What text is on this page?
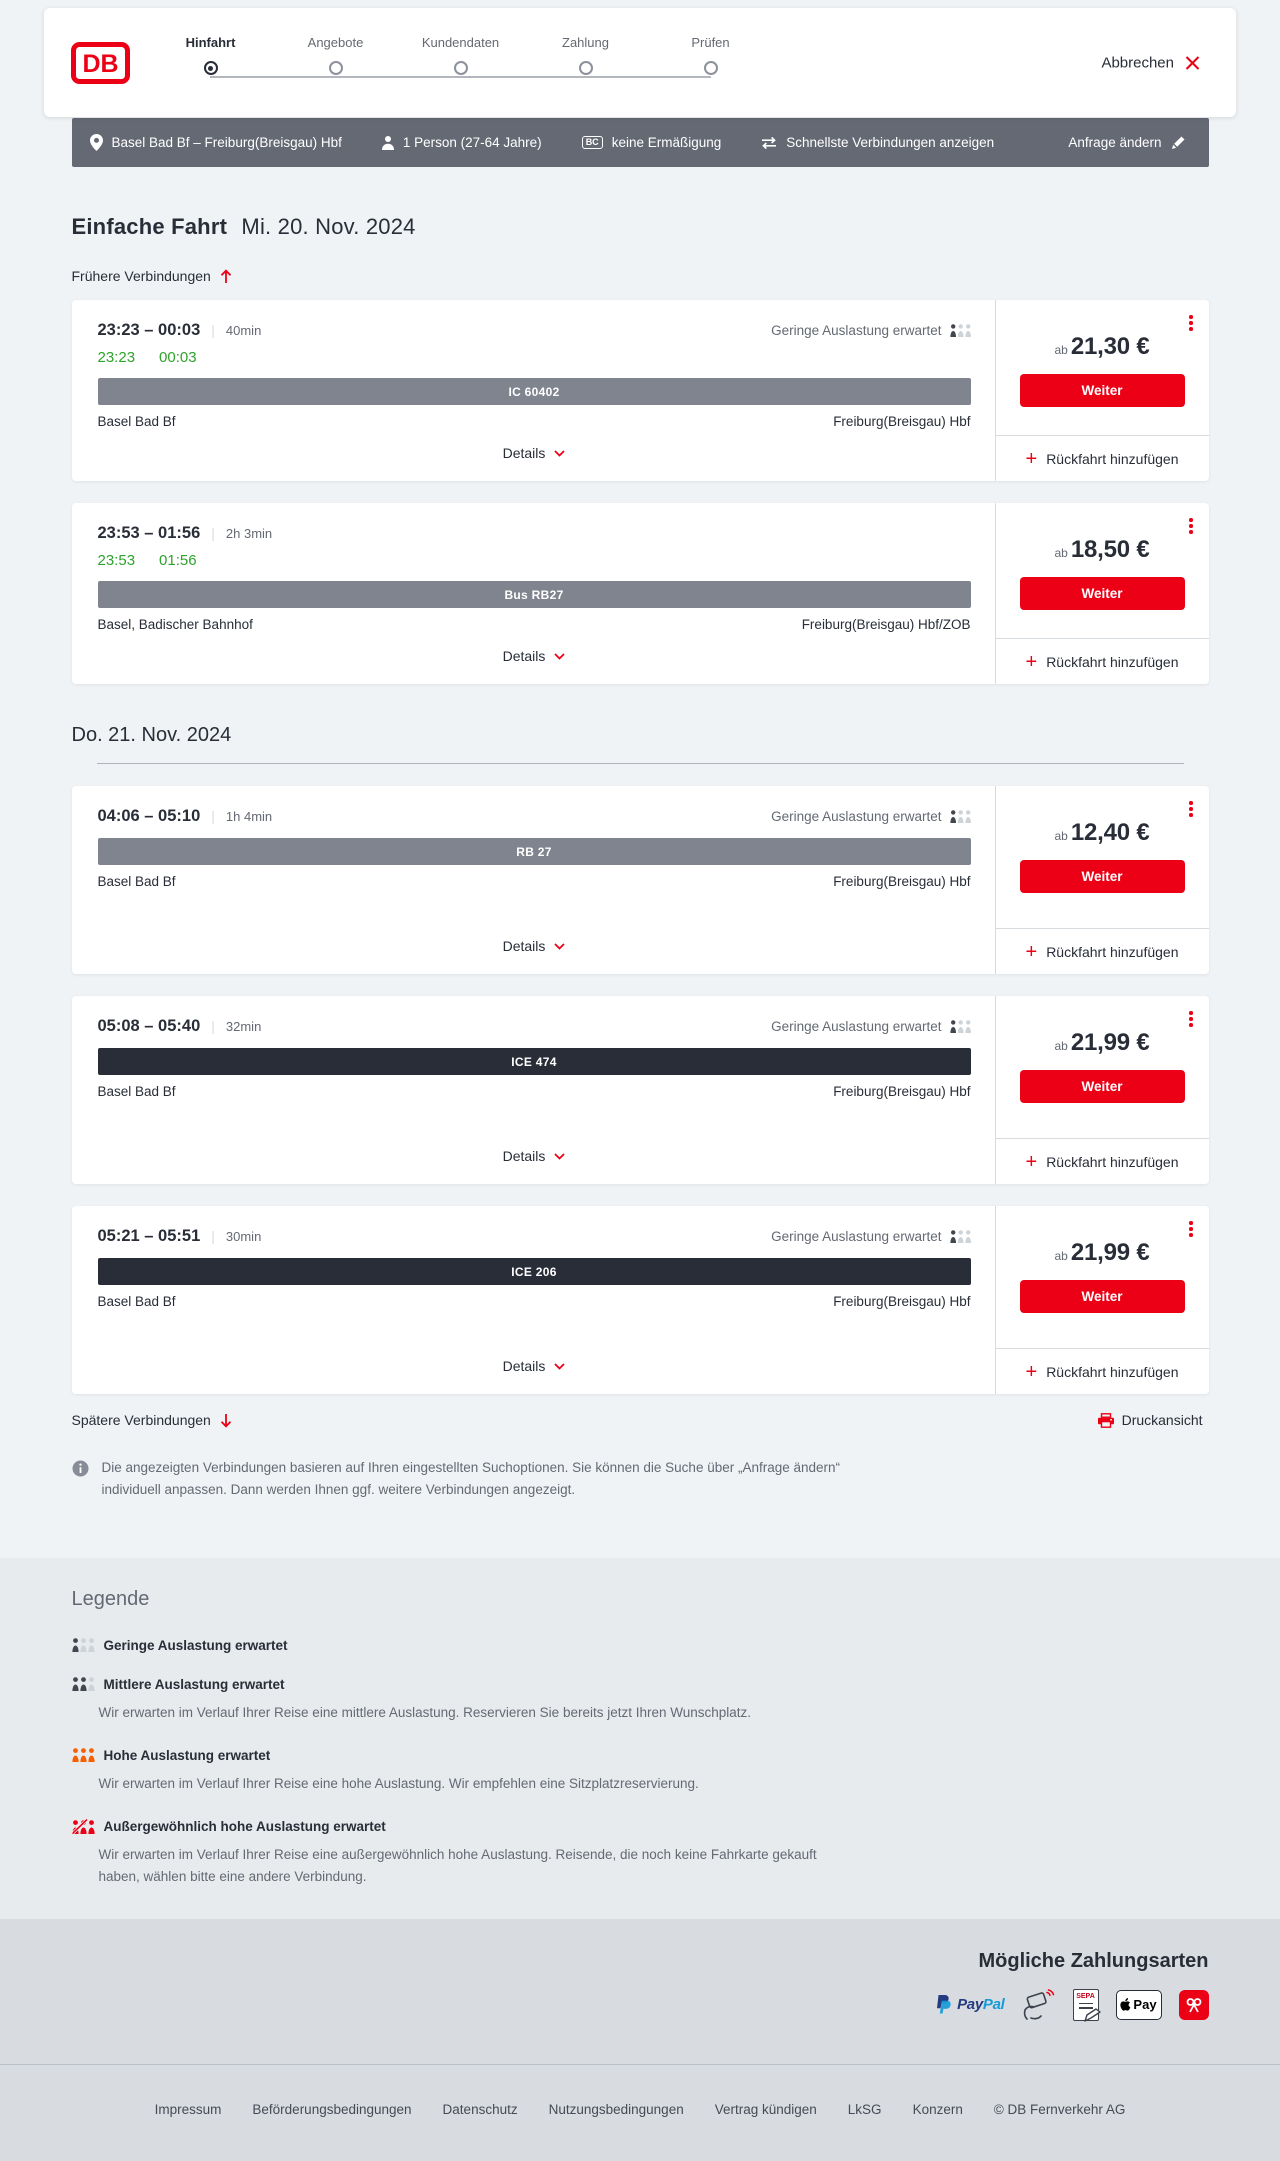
DB
Hinfahrt	Angebote	Kundendaten	Zahlung	Prüfen
Abbrechen
Basel Bad Bf – Freiburg(Breisgau) Hbf	1 Person (27-64 Jahre)	BC keine Ermäßigung	Schnellste Verbindungen anzeigen	Anfrage ändern
Einfache Fahrt Mi. 20. Nov. 2024
Frühere Verbindungen
23:23 – 00:03 | 40min	Geringe Auslastung erwartet
23:23 00:03
IC 60402
Basel Bad Bf	Freiburg(Breisgau) Hbf
Details
ab 21,30 €
Weiter
+ Rückfahrt hinzufügen
23:53 – 01:56 | 2h 3min
23:53 01:56
Bus RB27
Basel, Badischer Bahnhof	Freiburg(Breisgau) Hbf/ZOB
Details
ab 18,50 €
Weiter
+ Rückfahrt hinzufügen
Do. 21. Nov. 2024
04:06 – 05:10 | 1h 4min	Geringe Auslastung erwartet
RB 27
Basel Bad Bf	Freiburg(Breisgau) Hbf
Details
ab 12,40 €
Weiter
+ Rückfahrt hinzufügen
05:08 – 05:40 | 32min	Geringe Auslastung erwartet
ICE 474
Basel Bad Bf	Freiburg(Breisgau) Hbf
Details
ab 21,99 €
Weiter
+ Rückfahrt hinzufügen
05:21 – 05:51 | 30min	Geringe Auslastung erwartet
ICE 206
Basel Bad Bf	Freiburg(Breisgau) Hbf
Details
ab 21,99 €
Weiter
+ Rückfahrt hinzufügen
Spätere Verbindungen	Druckansicht

Die angezeigten Verbindungen basieren auf Ihren eingestellten Suchoptionen. Sie können die Suche über „Anfrage ändern“ individuell anpassen. Dann werden Ihnen ggf. weitere Verbindungen angezeigt.

Legende
Geringe Auslastung erwartet
Mittlere Auslastung erwartet

Wir erwarten im Verlauf Ihrer Reise eine mittlere Auslastung. Reservieren Sie bereits jetzt Ihren Wunschplatz.

Hohe Auslastung erwartet

Wir erwarten im Verlauf Ihrer Reise eine hohe Auslastung. Wir empfehlen eine Sitzplatzreservierung.

Außergewöhnlich hohe Auslastung erwartet

Wir erwarten im Verlauf Ihrer Reise eine außergewöhnlich hohe Auslastung. Reisende, die noch keine Fahrkarte gekauft haben, wählen bitte eine andere Verbindung.

Mögliche Zahlungsarten
PayPal	SEPA
Pay
Impressum Beförderungsbedingungen Datenschutz Nutzungsbedingungen Vertrag kündigen LkSG Konzern © DB Fernverkehr AG
